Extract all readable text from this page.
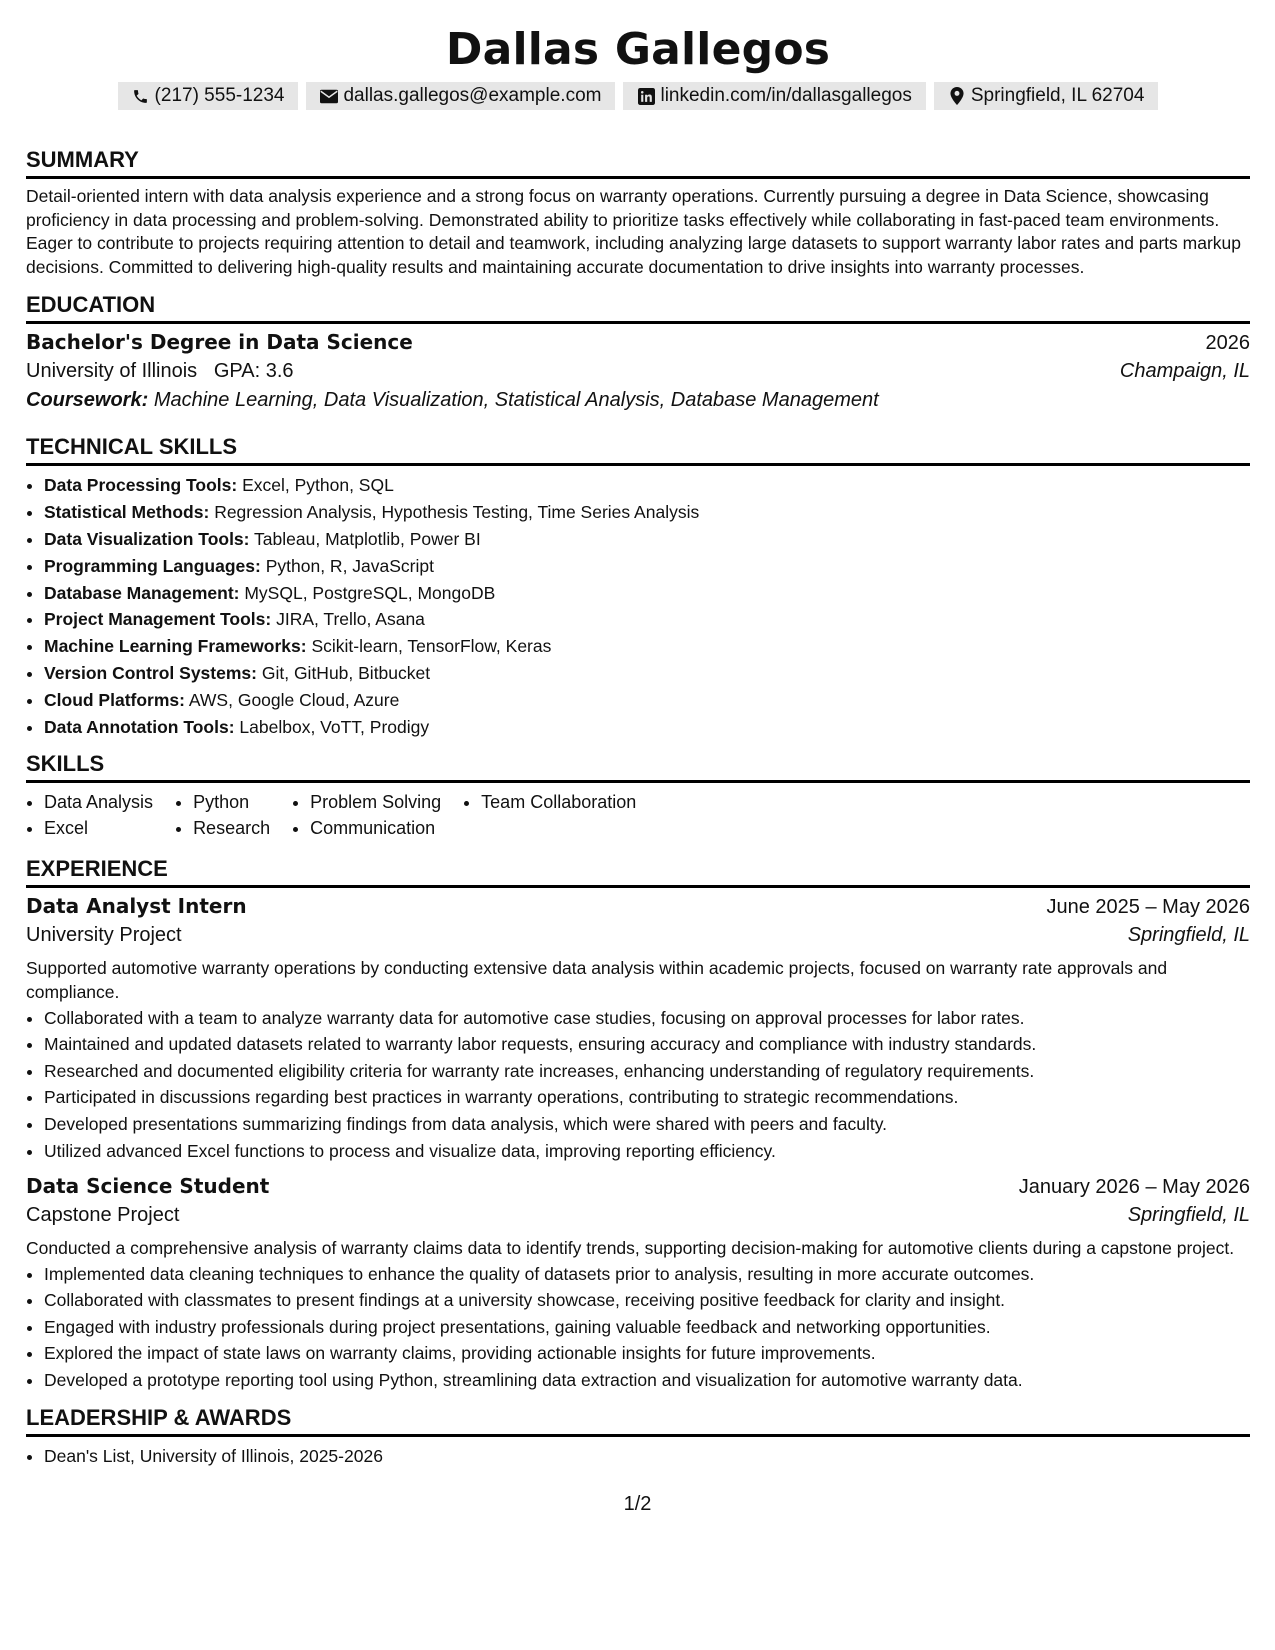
Dallas Gallegos
(217) 555-1234	dallas.gallegos@example.com	linkedin.com/in/dallasgallegos	Springfield, IL 62704
SUMMARY

Detail-oriented intern with data analysis experience and a strong focus on warranty operations. Currently pursuing a degree in Data Science, showcasing proficiency in data processing and problem-solving. Demonstrated ability to prioritize tasks effectively while collaborating in fast-paced team environments. Eager to contribute to projects requiring attention to detail and teamwork, including analyzing large datasets to support warranty labor rates and parts markup decisions. Committed to delivering high-quality results and maintaining accurate documentation to drive insights into warranty processes.

EDUCATION
Bachelor's Degree in Data Science	2026
University of Illinois GPA: 3.6	Champaign, IL
Coursework: Machine Learning, Data Visualization, Statistical Analysis, Database Management
TECHNICAL SKILLS
• Data Processing Tools: Excel, Python, SQL
• Statistical Methods: Regression Analysis, Hypothesis Testing, Time Series Analysis
• Data Visualization Tools: Tableau, Matplotlib, Power BI
• Programming Languages: Python, R, JavaScript
• Database Management: MySQL, PostgreSQL, MongoDB
• Project Management Tools: JIRA, Trello, Asana
• Machine Learning Frameworks: Scikit-learn, TensorFlow, Keras
• Version Control Systems: Git, GitHub, Bitbucket
• Cloud Platforms: AWS, Google Cloud, Azure
• Data Annotation Tools: Labelbox, VoTT, Prodigy
SKILLS
• Data Analysis
• Excel
• Python
• Research
• Problem Solving
• Communication
• Team Collaboration
EXPERIENCE
Data Analyst Intern	June 2025 – May 2026
University Project	Springfield, IL

Supported automotive warranty operations by conducting extensive data analysis within academic projects, focused on warranty rate approvals and compliance.

• Collaborated with a team to analyze warranty data for automotive case studies, focusing on approval processes for labor rates.
• Maintained and updated datasets related to warranty labor requests, ensuring accuracy and compliance with industry standards.
• Researched and documented eligibility criteria for warranty rate increases, enhancing understanding of regulatory requirements.
• Participated in discussions regarding best practices in warranty operations, contributing to strategic recommendations.
• Developed presentations summarizing findings from data analysis, which were shared with peers and faculty.
• Utilized advanced Excel functions to process and visualize data, improving reporting efficiency.
Data Science Student	January 2026 – May 2026
Capstone Project	Springfield, IL

Conducted a comprehensive analysis of warranty claims data to identify trends, supporting decision-making for automotive clients during a capstone project.

• Implemented data cleaning techniques to enhance the quality of datasets prior to analysis, resulting in more accurate outcomes.
• Collaborated with classmates to present findings at a university showcase, receiving positive feedback for clarity and insight.
• Engaged with industry professionals during project presentations, gaining valuable feedback and networking opportunities.
• Explored the impact of state laws on warranty claims, providing actionable insights for future improvements.
• Developed a prototype reporting tool using Python, streamlining data extraction and visualization for automotive warranty data.
LEADERSHIP & AWARDS
• Dean's List, University of Illinois, 2025-2026
1/2
